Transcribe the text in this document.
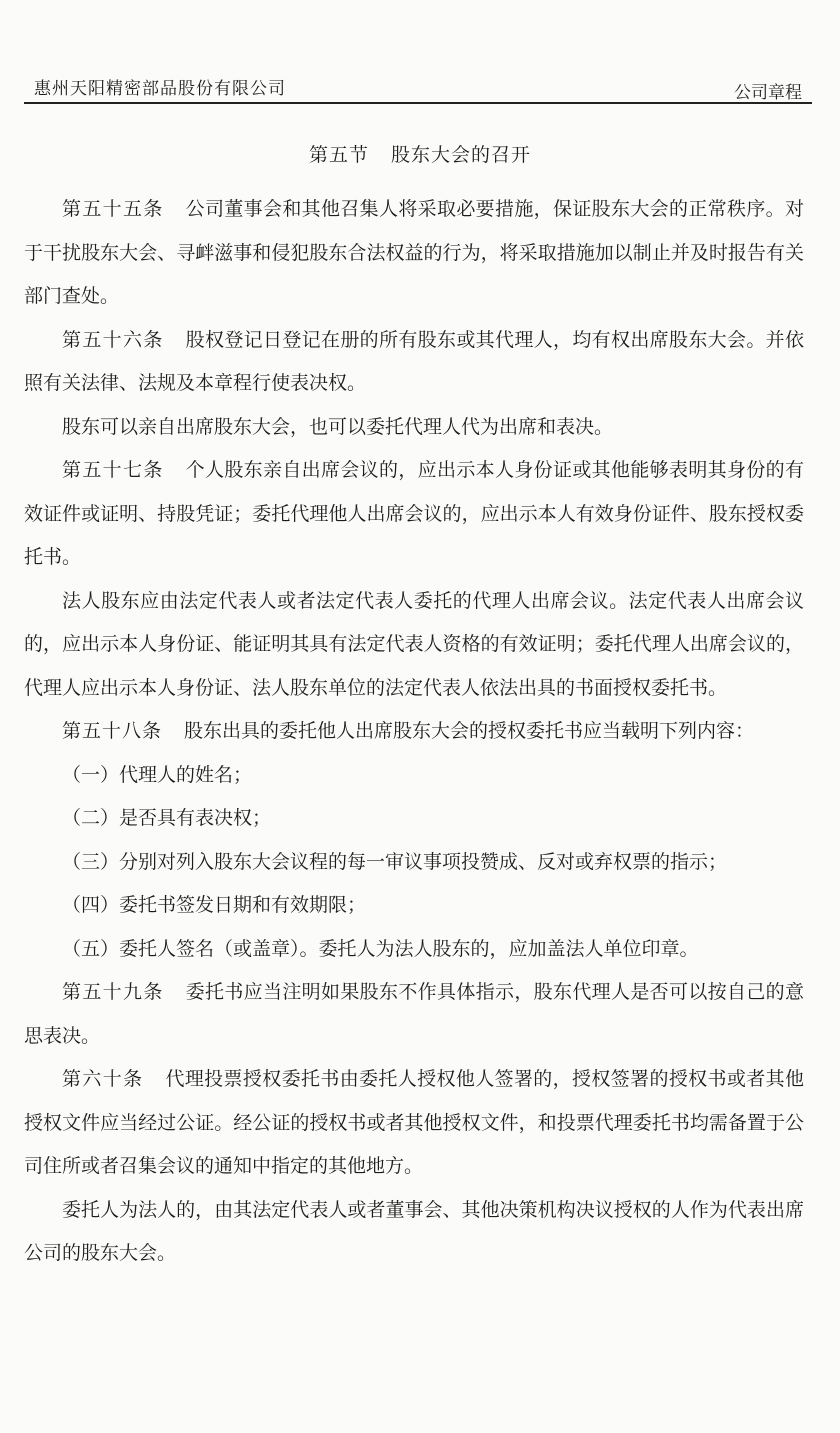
惠州天阳精密部品股份有限公司	公司章程
第五节 股东大会的召开

第五十五条 公司董事会和其他召集人将采取必要措施，保证股东大会的正常秩序。对于干扰股东大会、寻衅滋事和侵犯股东合法权益的行为，将采取措施加以制止并及时报告有关部门查处。

第五十六条 股权登记日登记在册的所有股东或其代理人，均有权出席股东大会。并依照有关法律、法规及本章程行使表决权。

股东可以亲自出席股东大会，也可以委托代理人代为出席和表决。

第五十七条 个人股东亲自出席会议的，应出示本人身份证或其他能够表明其身份的有效证件或证明、持股凭证；委托代理他人出席会议的，应出示本人有效身份证件、股东授权委托书。

法人股东应由法定代表人或者法定代表人委托的代理人出席会议。法定代表人出席会议的，应出示本人身份证、能证明其具有法定代表人资格的有效证明；委托代理人出席会议的，代理人应出示本人身份证、法人股东单位的法定代表人依法出具的书面授权委托书。

第五十八条 股东出具的委托他人出席股东大会的授权委托书应当载明下列内容：

（一）代理人的姓名；

（二）是否具有表决权；

（三）分别对列入股东大会议程的每一审议事项投赞成、反对或弃权票的指示；

（四）委托书签发日期和有效期限；

（五）委托人签名（或盖章）。委托人为法人股东的，应加盖法人单位印章。

第五十九条 委托书应当注明如果股东不作具体指示，股东代理人是否可以按自己的意思表决。

第六十条 代理投票授权委托书由委托人授权他人签署的，授权签署的授权书或者其他授权文件应当经过公证。经公证的授权书或者其他授权文件，和投票代理委托书均需备置于公司住所或者召集会议的通知中指定的其他地方。

委托人为法人的，由其法定代表人或者董事会、其他决策机构决议授权的人作为代表出席公司的股东大会。
